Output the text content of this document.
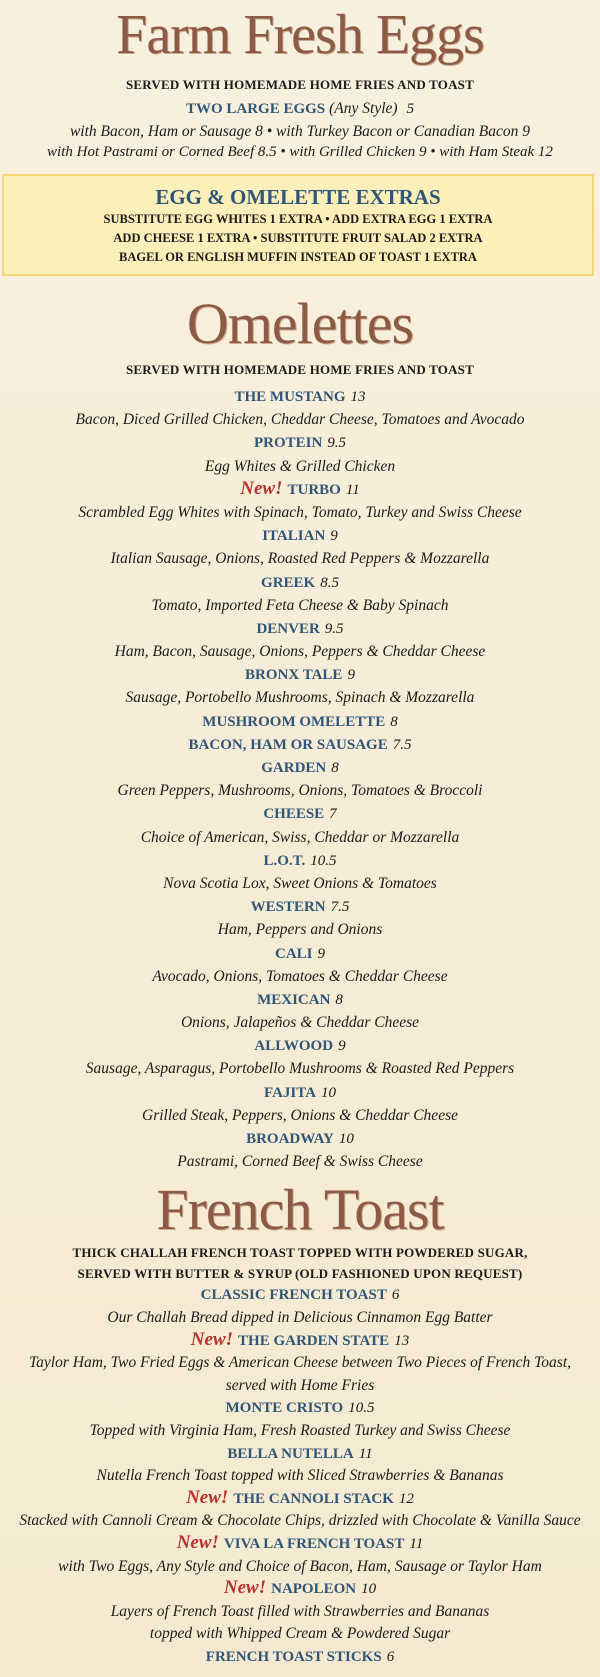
Farm Fresh Eggs
SERVED WITH HOMEMADE HOME FRIES AND TOAST
TWO LARGE EGGS (Any Style) 5
with Bacon, Ham or Sausage 8 • with Turkey Bacon or Canadian Bacon 9
with Hot Pastrami or Corned Beef 8.5 • with Grilled Chicken 9 • with Ham Steak 12
EGG & OMELETTE EXTRAS
SUBSTITUTE EGG WHITES 1 EXTRA • ADD EXTRA EGG 1 EXTRA
ADD CHEESE 1 EXTRA • SUBSTITUTE FRUIT SALAD 2 EXTRA
BAGEL OR ENGLISH MUFFIN INSTEAD OF TOAST 1 EXTRA
Omelettes
SERVED WITH HOMEMADE HOME FRIES AND TOAST
THE MUSTANG 13
Bacon, Diced Grilled Chicken, Cheddar Cheese, Tomatoes and Avocado
PROTEIN 9.5
Egg Whites & Grilled Chicken
New! TURBO 11
Scrambled Egg Whites with Spinach, Tomato, Turkey and Swiss Cheese
ITALIAN 9
Italian Sausage, Onions, Roasted Red Peppers & Mozzarella
GREEK 8.5
Tomato, Imported Feta Cheese & Baby Spinach
DENVER 9.5
Ham, Bacon, Sausage, Onions, Peppers & Cheddar Cheese
BRONX TALE 9
Sausage, Portobello Mushrooms, Spinach & Mozzarella
MUSHROOM OMELETTE 8
BACON, HAM OR SAUSAGE 7.5
GARDEN 8
Green Peppers, Mushrooms, Onions, Tomatoes & Broccoli
CHEESE 7
Choice of American, Swiss, Cheddar or Mozzarella
L.O.T. 10.5
Nova Scotia Lox, Sweet Onions & Tomatoes
WESTERN 7.5
Ham, Peppers and Onions
CALI 9
Avocado, Onions, Tomatoes & Cheddar Cheese
MEXICAN 8
Onions, Jalapeños & Cheddar Cheese
ALLWOOD 9
Sausage, Asparagus, Portobello Mushrooms & Roasted Red Peppers
FAJITA 10
Grilled Steak, Peppers, Onions & Cheddar Cheese
BROADWAY 10
Pastrami, Corned Beef & Swiss Cheese
French Toast
THICK CHALLAH FRENCH TOAST TOPPED WITH POWDERED SUGAR,
SERVED WITH BUTTER & SYRUP (OLD FASHIONED UPON REQUEST)
CLASSIC FRENCH TOAST 6
Our Challah Bread dipped in Delicious Cinnamon Egg Batter
New! THE GARDEN STATE 13
Taylor Ham, Two Fried Eggs & American Cheese between Two Pieces of French Toast,
served with Home Fries
MONTE CRISTO 10.5
Topped with Virginia Ham, Fresh Roasted Turkey and Swiss Cheese
BELLA NUTELLA 11
Nutella French Toast topped with Sliced Strawberries & Bananas
New! THE CANNOLI STACK 12
Stacked with Cannoli Cream & Chocolate Chips, drizzled with Chocolate & Vanilla Sauce
New! VIVA LA FRENCH TOAST 11
with Two Eggs, Any Style and Choice of Bacon, Ham, Sausage or Taylor Ham
New! NAPOLEON 10
Layers of French Toast filled with Strawberries and Bananas
topped with Whipped Cream & Powdered Sugar
FRENCH TOAST STICKS 6
